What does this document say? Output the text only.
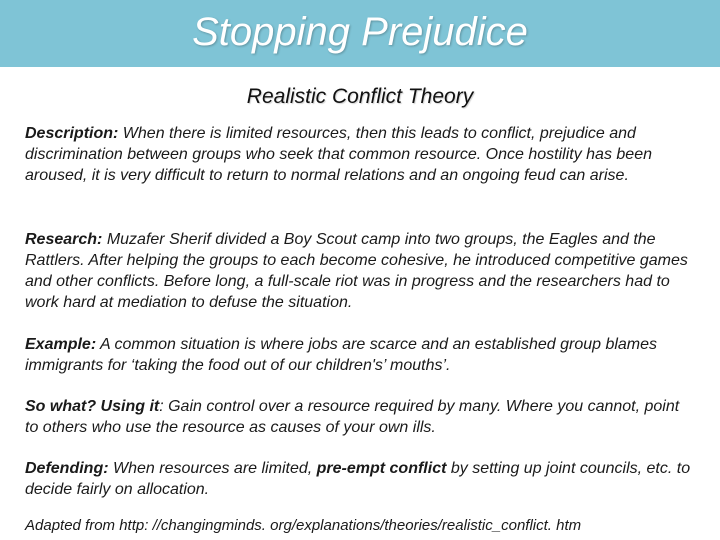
Stopping Prejudice
Realistic Conflict Theory
Description: When there is limited resources, then this leads to conflict, prejudice and discrimination between groups who seek that common resource. Once hostility has been aroused, it is very difficult to return to normal relations and an ongoing feud can arise.
Research: Muzafer Sherif divided a Boy Scout camp into two groups, the Eagles and the Rattlers. After helping the groups to each become cohesive, he introduced competitive games and other conflicts. Before long, a full-scale riot was in progress and the researchers had to work hard at mediation to defuse the situation.
Example: A common situation is where jobs are scarce and an established group blames immigrants for ‘taking the food out of our children's’ mouths’.
So what? Using it: Gain control over a resource required by many. Where you cannot, point to others who use the resource as causes of your own ills.
Defending: When resources are limited, pre-empt conflict by setting up joint councils, etc. to decide fairly on allocation.
Adapted from http: //changingminds. org/explanations/theories/realistic_conflict. htm
